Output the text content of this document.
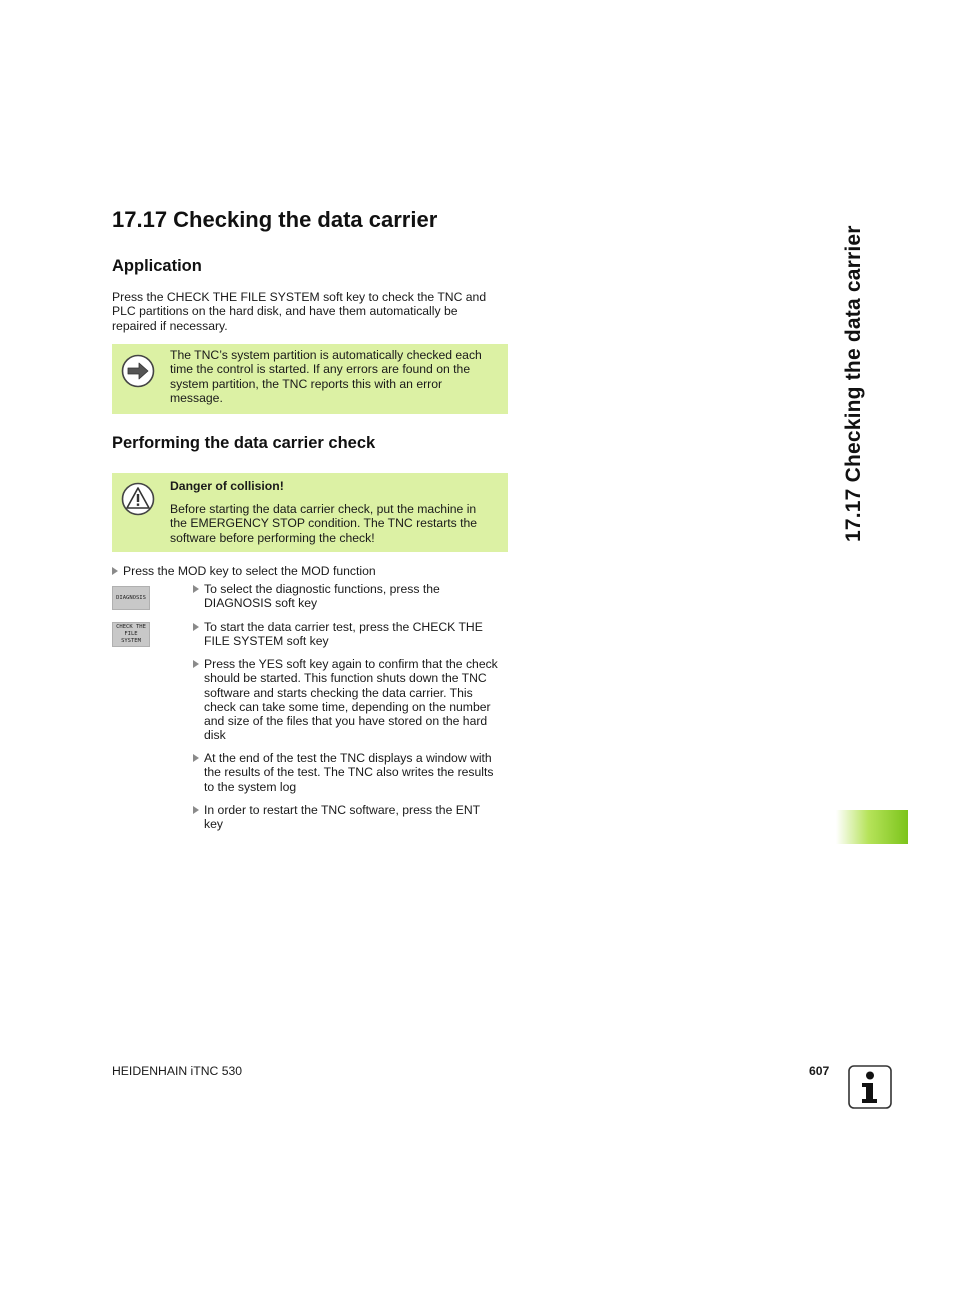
17.17 Checking the data carrier
Application
Press the CHECK THE FILE SYSTEM soft key to check the TNC and
PLC partitions on the hard disk, and have them automatically be
repaired if necessary.
The TNC’s system partition is automatically checked each
time the control is started. If any errors are found on the
system partition, the TNC reports this with an error
message.
Performing the data carrier check
Danger of collision!
Before starting the data carrier check, put the machine in
the EMERGENCY STOP condition. The TNC restarts the
software before performing the check!
Press the MOD key to select the MOD function
DIAGNOSIS
CHECK THE
FILE
SYSTEM
To select the diagnostic functions, press the
DIAGNOSIS soft key
To start the data carrier test, press the CHECK THE
FILE SYSTEM soft key
Press the YES soft key again to confirm that the check
should be started. This function shuts down the TNC
software and starts checking the data carrier. This
check can take some time, depending on the number
and size of the files that you have stored on the hard
disk
At the end of the test the TNC displays a window with
the results of the test. The TNC also writes the results
to the system log
In order to restart the TNC software, press the ENT
key
17.17 Checking the data carrier
HEIDENHAIN iTNC 530	607
